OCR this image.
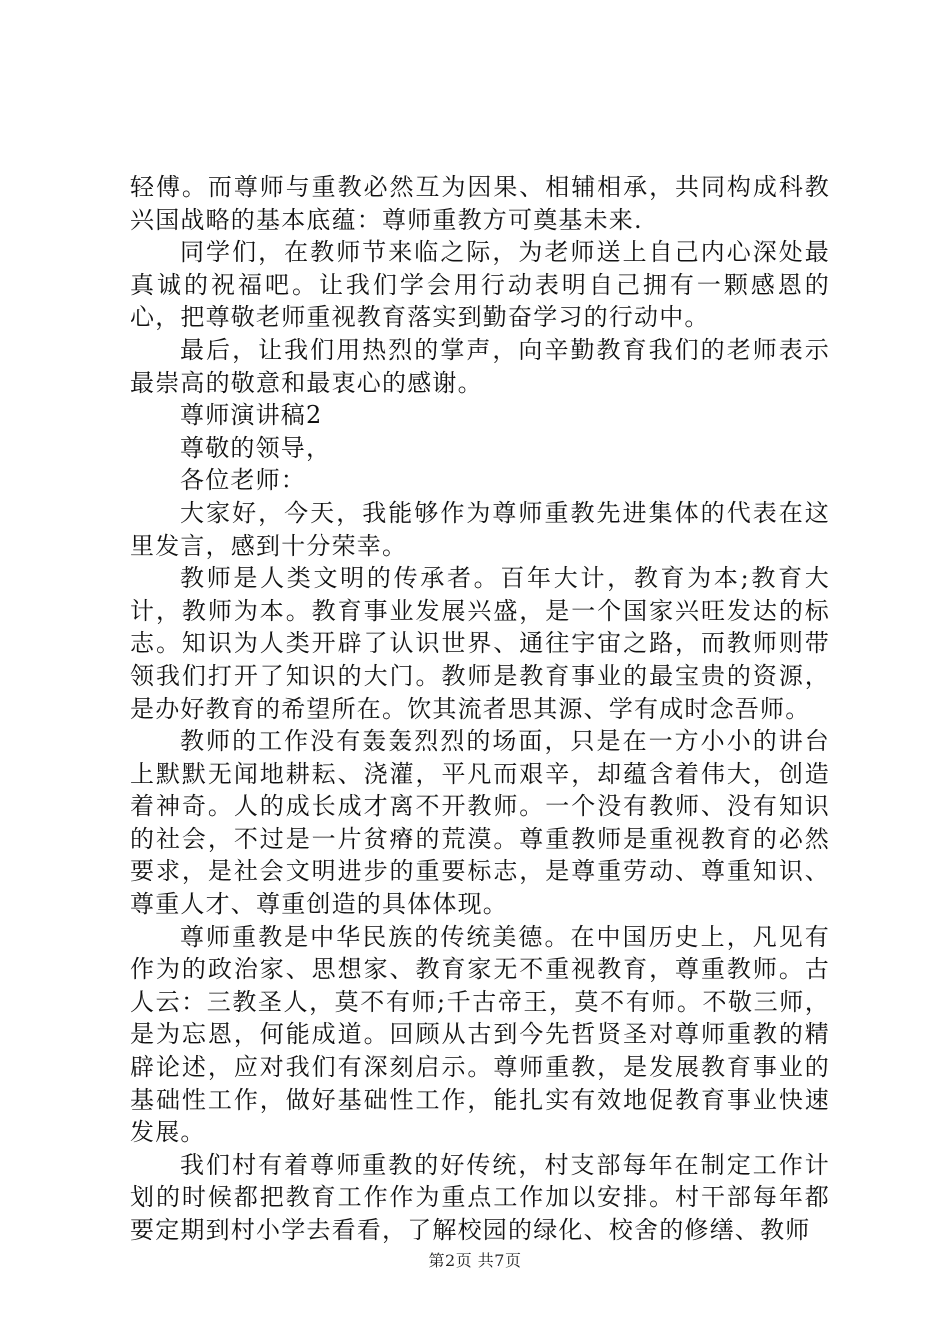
轻傅。而尊师与重教必然互为因果、相辅相承，共同构成科教兴国战略的基本底蕴：尊师重教方可奠基未来.

同学们，在教师节来临之际，为老师送上自己内心深处最真诚的祝福吧。让我们学会用行动表明自己拥有一颗感恩的心，把尊敬老师重视教育落实到勤奋学习的行动中。

最后，让我们用热烈的掌声，向辛勤教育我们的老师表示最崇高的敬意和最衷心的感谢。

尊师演讲稿2

尊敬的领导，

各位老师：

大家好，今天，我能够作为尊师重教先进集体的代表在这里发言，感到十分荣幸。

教师是人类文明的传承者。百年大计，教育为本;教育大计，教师为本。教育事业发展兴盛，是一个国家兴旺发达的标志。知识为人类开辟了认识世界、通往宇宙之路，而教师则带领我们打开了知识的大门。教师是教育事业的最宝贵的资源，是办好教育的希望所在。饮其流者思其源、学有成时念吾师。

教师的工作没有轰轰烈烈的场面，只是在一方小小的讲台上默默无闻地耕耘、浇灌，平凡而艰辛，却蕴含着伟大，创造着神奇。人的成长成才离不开教师。一个没有教师、没有知识的社会，不过是一片贫瘠的荒漠。尊重教师是重视教育的必然要求，是社会文明进步的重要标志，是尊重劳动、尊重知识、尊重人才、尊重创造的具体体现。

尊师重教是中华民族的传统美德。在中国历史上，凡见有作为的政治家、思想家、教育家无不重视教育，尊重教师。古人云：三教圣人，莫不有师;千古帝王，莫不有师。不敬三师，是为忘恩，何能成道。回顾从古到今先哲贤圣对尊师重教的精辟论述，应对我们有深刻启示。尊师重教，是发展教育事业的基础性工作，做好基础性工作，能扎实有效地促教育事业快速发展。

我们村有着尊师重教的好传统，村支部每年在制定工作计划的时候都把教育工作作为重点工作加以安排。村干部每年都要定期到村小学去看看，了解校园的绿化、校舍的修缮、教师

第2页 共7页
